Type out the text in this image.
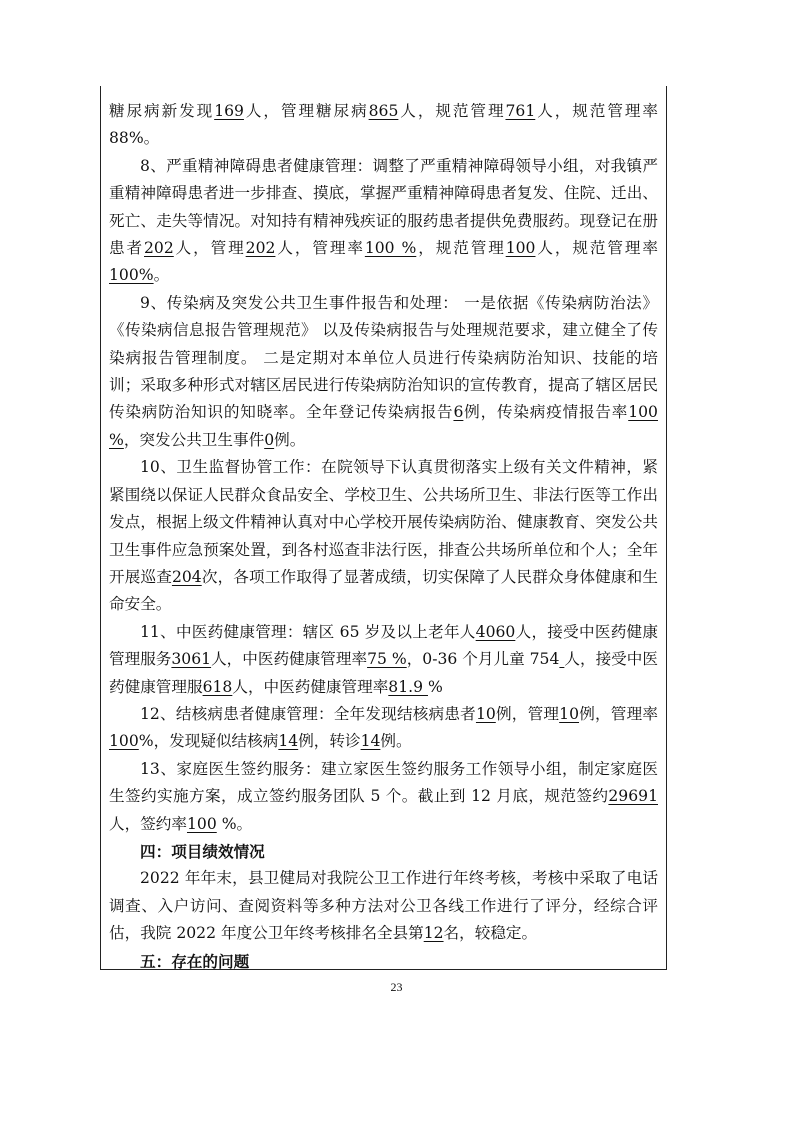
糖尿病新发现169人，管理糖尿病865人，规范管理761人，规范管理率 88%。

8、严重精神障碍患者健康管理：调整了严重精神障碍领导小组，对我镇严重精神障碍患者进一步排查、摸底，掌握严重精神障碍患者复发、住院、迁出、死亡、走失等情况。对知持有精神残疾证的服药患者提供免费服药。现登记在册患者202人，管理202人，管理率100 %，规范管理100人，规范管理率100%。

9、传染病及突发公共卫生事件报告和处理： 一是依据《传染病防治法》《传染病信息报告管理规范》 以及传染病报告与处理规范要求，建立健全了传染病报告管理制度。 二是定期对本单位人员进行传染病防治知识、技能的培训；采取多种形式对辖区居民进行传染病防治知识的宣传教育，提高了辖区居民传染病防治知识的知晓率。全年登记传染病报告6例，传染病疫情报告率100 %，突发公共卫生事件0例。

10、卫生监督协管工作：在院领导下认真贯彻落实上级有关文件精神，紧紧围绕以保证人民群众食品安全、学校卫生、公共场所卫生、非法行医等工作出发点，根据上级文件精神认真对中心学校开展传染病防治、健康教育、突发公共卫生事件应急预案处置，到各村巡查非法行医，排查公共场所单位和个人；全年开展巡查204次，各项工作取得了显著成绩，切实保障了人民群众身体健康和生命安全。

11、中医药健康管理：辖区 65 岁及以上老年人4060人，接受中医药健康管理服务3061人，中医药健康管理率75 %，0-36 个月儿童 754 人，接受中医药健康管理服618人，中医药健康管理率81.9 %

12、结核病患者健康管理：全年发现结核病患者10例，管理10例，管理率100%，发现疑似结核病14例，转诊14例。

13、家庭医生签约服务：建立家医生签约服务工作领导小组，制定家庭医生签约实施方案，成立签约服务团队 5 个。截止到 12 月底，规范签约29691人，签约率100 %。

四：项目绩效情况

2022 年年末，县卫健局对我院公卫工作进行年终考核，考核中采取了电话调查、入户访问、查阅资料等多种方法对公卫各线工作进行了评分，经综合评估，我院 2022 年度公卫年终考核排名全县第12名，较稳定。

五：存在的问题

23
